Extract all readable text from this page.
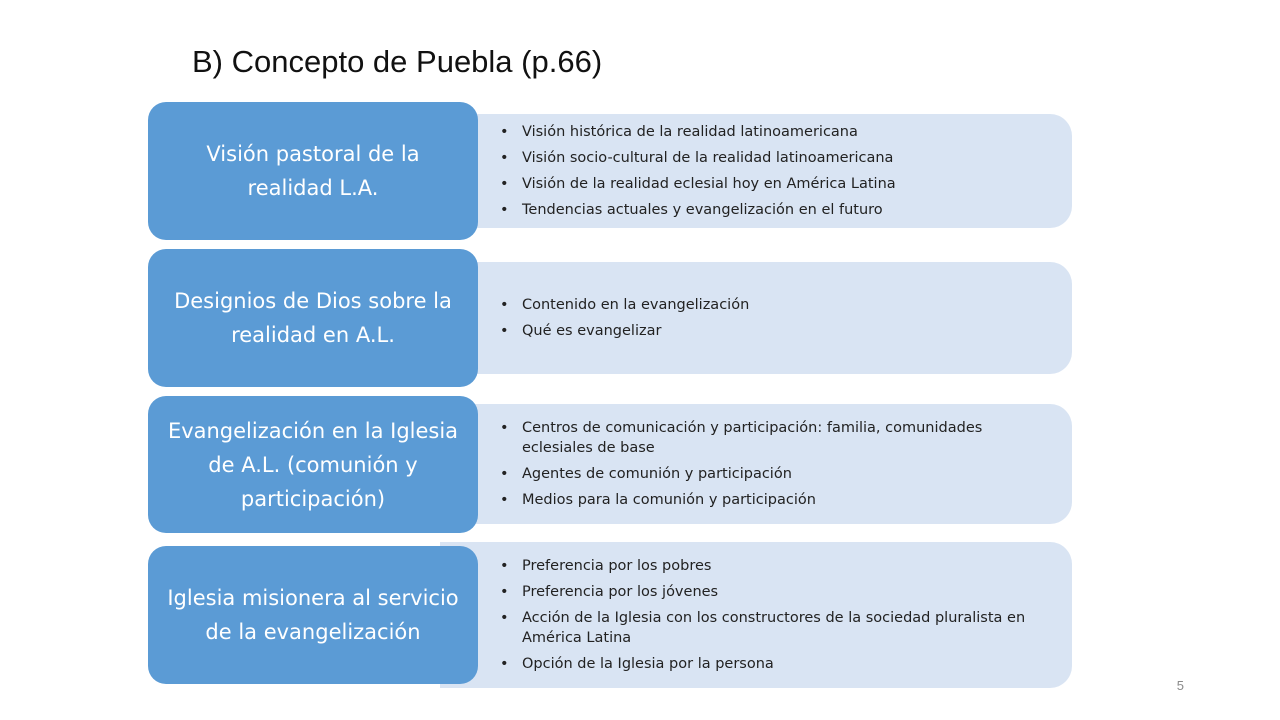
B) Concepto de Puebla (p.66)
• Visión histórica de la realidad latinoamericana
• Visión socio-cultural de la realidad latinoamericana
• Visión de la realidad eclesial hoy en América Latina
• Tendencias actuales y evangelización en el futuro
Visión pastoral de la realidad L.A.
• Contenido en la evangelización
• Qué es evangelizar
Designios de Dios sobre la realidad en A.L.
• Centros de comunicación y participación: familia, comunidades eclesiales de base
• Agentes de comunión y participación
• Medios para la comunión y participación
Evangelización en la Iglesia de A.L. (comunión y participación)
• Preferencia por los pobres
• Preferencia por los jóvenes
• Acción de la Iglesia con los constructores de la sociedad pluralista en América Latina
• Opción de la Iglesia por la persona
Iglesia misionera al servicio de la evangelización
5
